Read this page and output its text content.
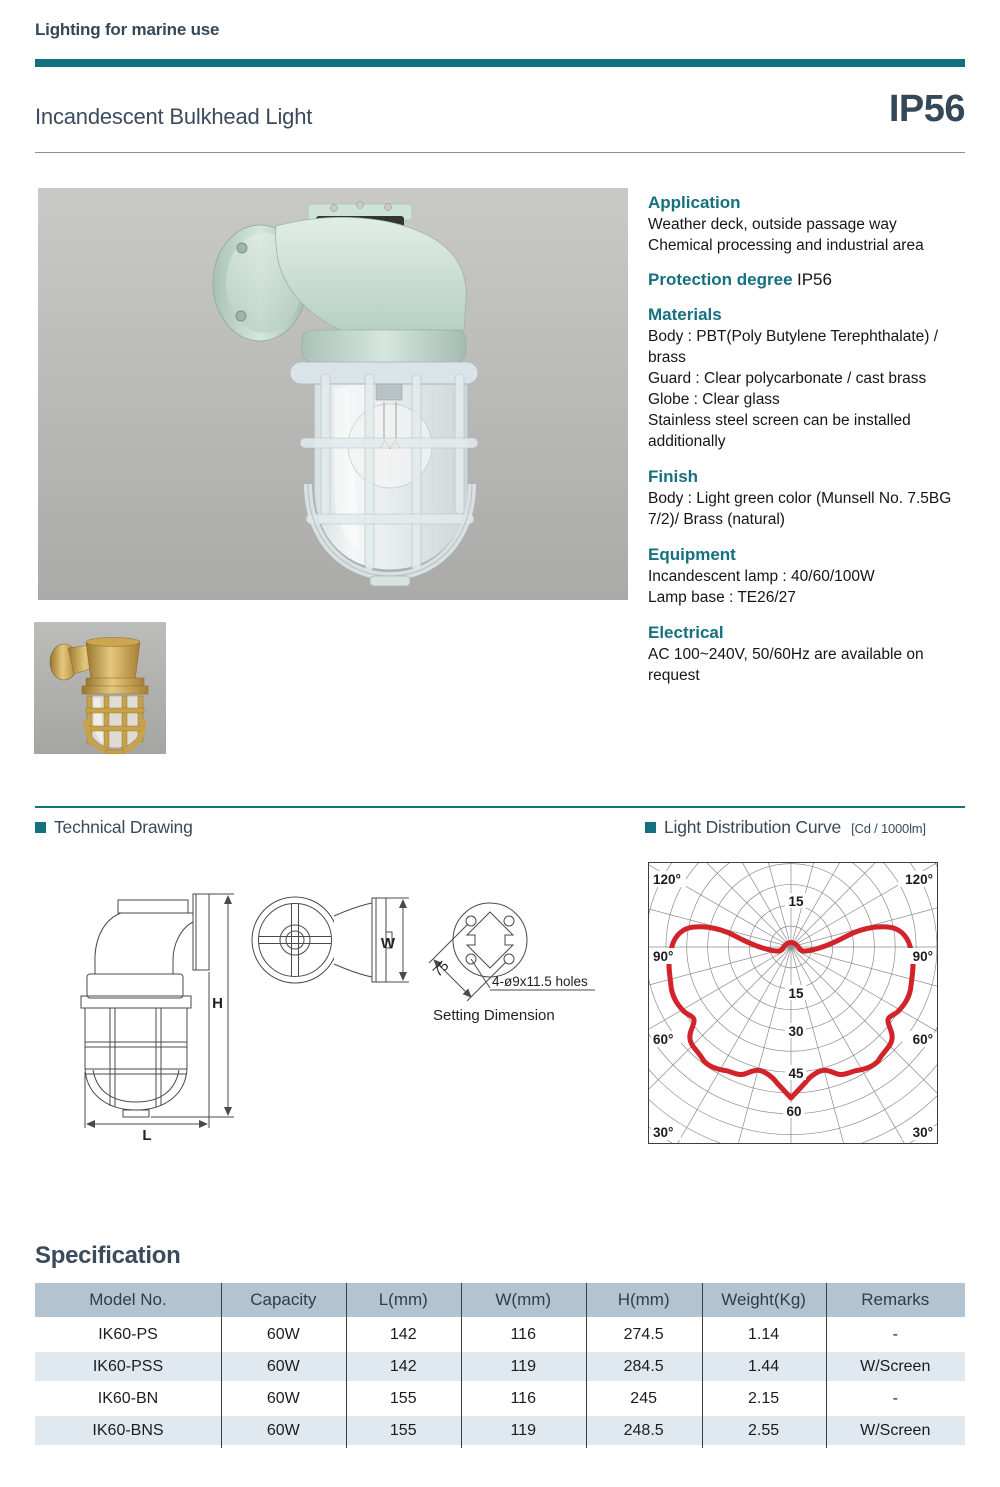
Lighting for marine use
Incandescent Bulkhead Light	IP56
Application
Weather deck, outside passage way
Chemical processing and industrial area
Protection degree IP56
Materials
Body : PBT(Poly Butylene Terephthalate) / brass
Guard : Clear polycarbonate / cast brass
Globe : Clear glass
Stainless steel screen can be installed additionally
Finish
Body : Light green color (Munsell No. 7.5BG 7/2)/ Brass (natural)
Equipment
Incandescent lamp : 40/60/100W
Lamp base : TE26/27
Electrical
AC 100~240V, 50/60Hz are available on request
Technical Drawing	Light Distribution Curve [Cd / 1000lm]
H
L
W
75
4-ø9x11.5 holes
Setting Dimension
15
15
30
45
60
120°
90°
60°
30°
120°
90°
60°
30°
Specification
Model No.	Capacity	L(mm)	W(mm)	H(mm)	Weight(Kg)	Remarks
IK60-PS	60W	142	116	274.5	1.14	-
IK60-PSS	60W	142	119	284.5	1.44	W/Screen
IK60-BN	60W	155	116	245	2.15	-
IK60-BNS	60W	155	119	248.5	2.55	W/Screen
